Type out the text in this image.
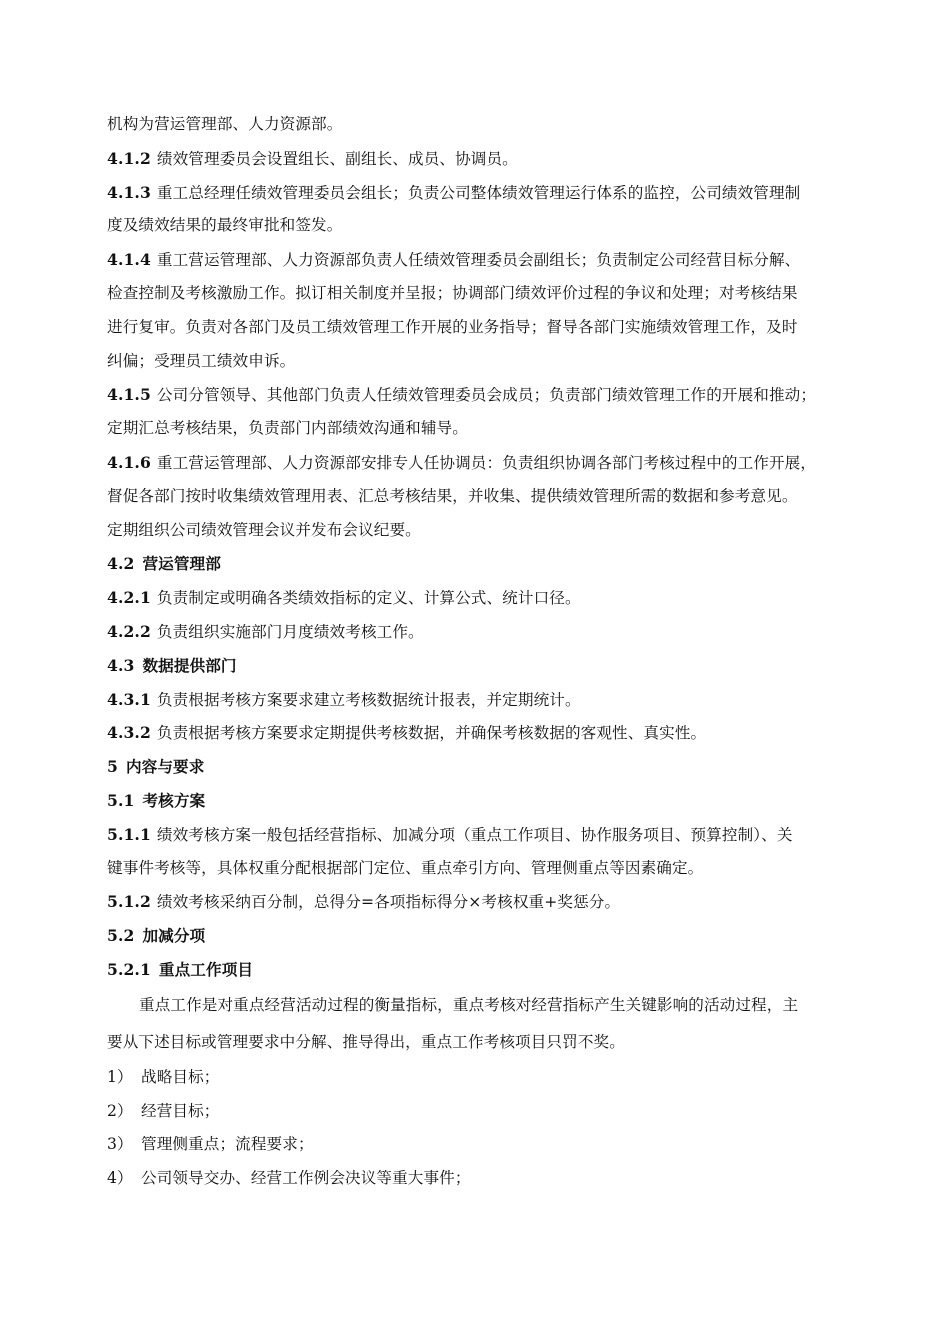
机构为营运管理部、人力资源部。
4.1.2 绩效管理委员会设置组长、副组长、成员、协调员。
4.1.3 重工总经理任绩效管理委员会组长；负责公司整体绩效管理运行体系的监控，公司绩效管理制
度及绩效结果的最终审批和签发。
4.1.4 重工营运管理部、人力资源部负责人任绩效管理委员会副组长；负责制定公司经营目标分解、
检查控制及考核激励工作。拟订相关制度并呈报；协调部门绩效评价过程的争议和处理；对考核结果
进行复审。负责对各部门及员工绩效管理工作开展的业务指导；督导各部门实施绩效管理工作，及时
纠偏；受理员工绩效申诉。
4.1.5 公司分管领导、其他部门负责人任绩效管理委员会成员；负责部门绩效管理工作的开展和推动；
定期汇总考核结果，负责部门内部绩效沟通和辅导。
4.1.6 重工营运管理部、人力资源部安排专人任协调员：负责组织协调各部门考核过程中的工作开展，
督促各部门按时收集绩效管理用表、汇总考核结果，并收集、提供绩效管理所需的数据和参考意见。
定期组织公司绩效管理会议并发布会议纪要。
4.2 营运管理部
4.2.1 负责制定或明确各类绩效指标的定义、计算公式、统计口径。
4.2.2 负责组织实施部门月度绩效考核工作。
4.3 数据提供部门
4.3.1 负责根据考核方案要求建立考核数据统计报表，并定期统计。
4.3.2 负责根据考核方案要求定期提供考核数据，并确保考核数据的客观性、真实性。
5 内容与要求
5.1 考核方案
5.1.1 绩效考核方案一般包括经营指标、加减分项（重点工作项目、协作服务项目、预算控制）、关
键事件考核等，具体权重分配根据部门定位、重点牵引方向、管理侧重点等因素确定。
5.1.2 绩效考核采纳百分制，总得分=各项指标得分×考核权重+奖惩分。
5.2 加减分项
5.2.1 重点工作项目
重点工作是对重点经营活动过程的衡量指标，重点考核对经营指标产生关键影响的活动过程，主
要从下述目标或管理要求中分解、推导得出，重点工作考核项目只罚不奖。
1） 战略目标；
2） 经营目标；
3） 管理侧重点；流程要求；
4） 公司领导交办、经营工作例会决议等重大事件；
